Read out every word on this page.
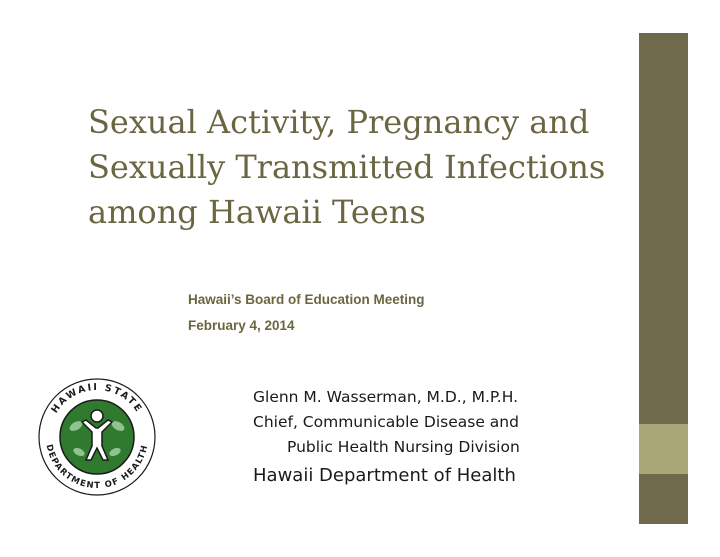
Sexual Activity, Pregnancy and
Sexually Transmitted Infections
among Hawaii Teens
Hawaii’s Board of Education Meeting
February 4, 2014
Glenn M. Wasserman, M.D., M.P.H.
Chief, Communicable Disease and
Public Health Nursing Division
Hawaii Department of Health
HAWAII STATE
DEPARTMENT OF HEALTH
